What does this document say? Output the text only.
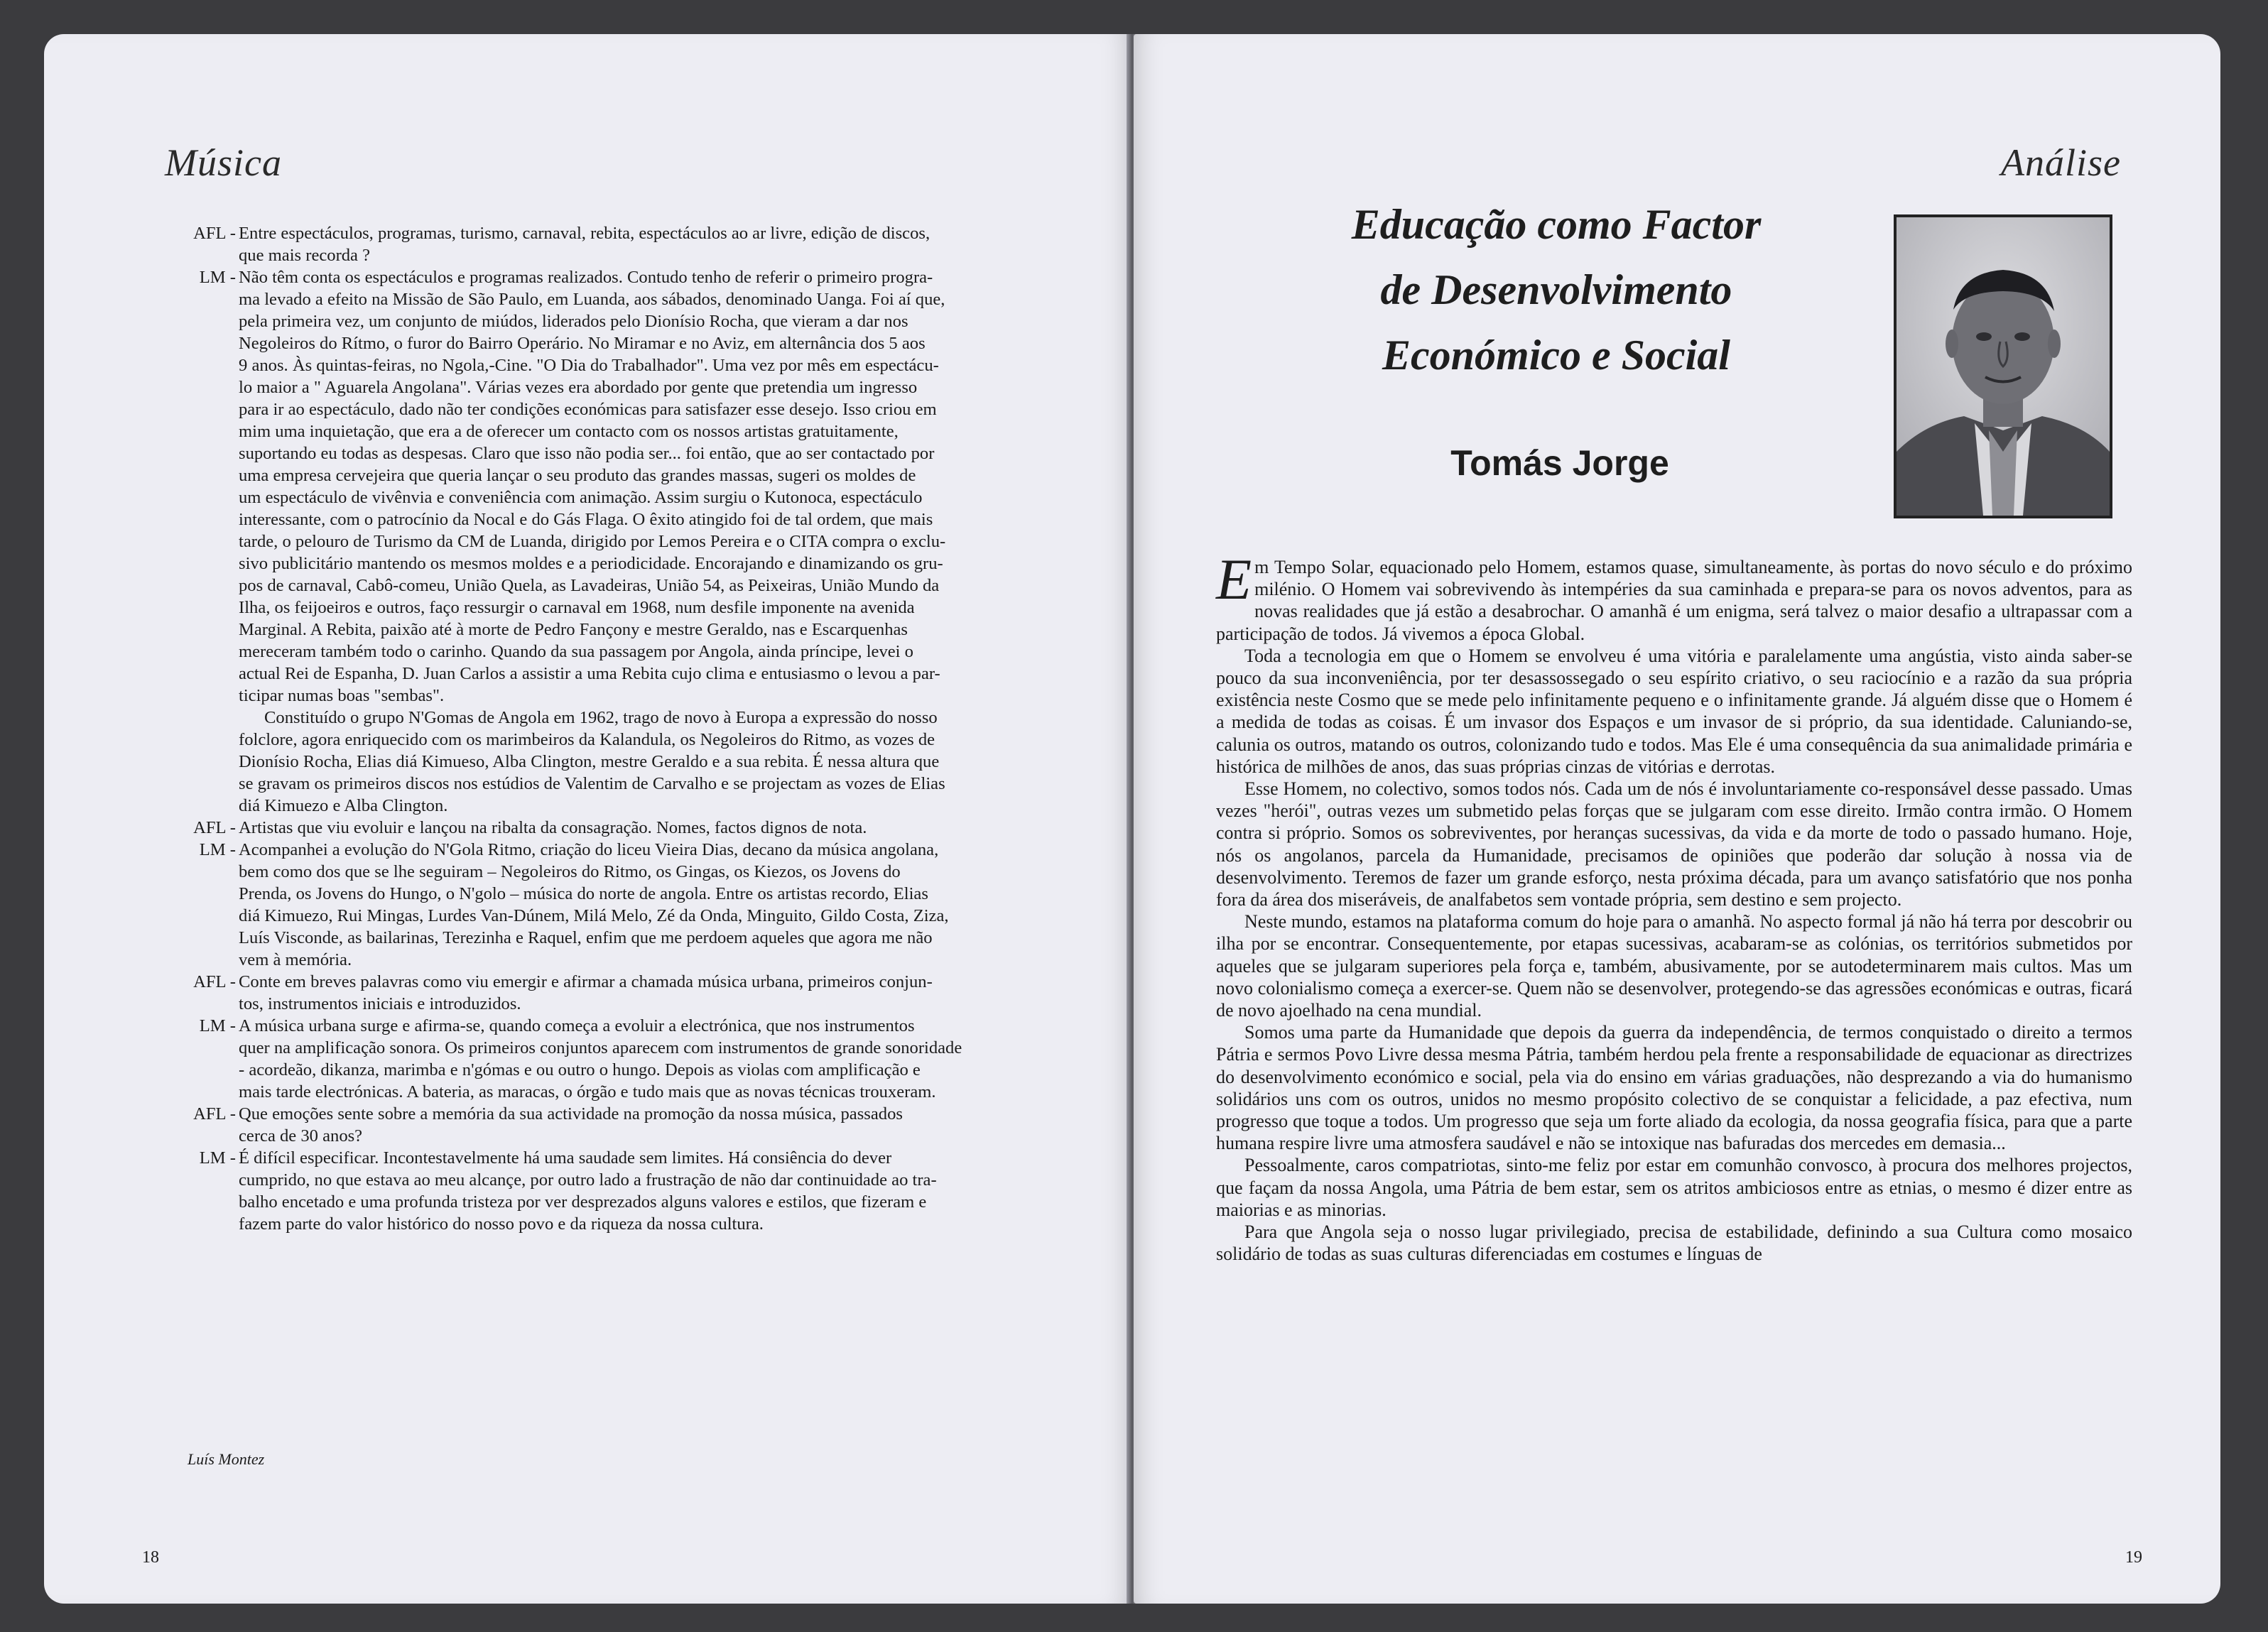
Música
AFL - Entre espectáculos, programas, turismo, carnaval, rebita, espectáculos ao ar livre, edição de discos,
que mais recorda ?
LM - Não têm conta os espectáculos e programas realizados. Contudo tenho de referir o primeiro progra-
ma levado a efeito na Missão de São Paulo, em Luanda, aos sábados, denominado Uanga. Foi aí que,
pela primeira vez, um conjunto de miúdos, liderados pelo Dionísio Rocha, que vieram a dar nos
Negoleiros do Rítmo, o furor do Bairro Operário. No Miramar e no Aviz, em alternância dos 5 aos
9 anos. Às quintas-feiras, no Ngola,-Cine. "O Dia do Trabalhador". Uma vez por mês em espectácu-
lo maior a " Aguarela Angolana". Várias vezes era abordado por gente que pretendia um ingresso
para ir ao espectáculo, dado não ter condições económicas para satisfazer esse desejo. Isso criou em
mim uma inquietação, que era a de oferecer um contacto com os nossos artistas gratuitamente,
suportando eu todas as despesas. Claro que isso não podia ser... foi então, que ao ser contactado por
uma empresa cervejeira que queria lançar o seu produto das grandes massas, sugeri os moldes de
um espectáculo de vivênvia e conveniência com animação. Assim surgiu o Kutonoca, espectáculo
interessante, com o patrocínio da Nocal e do Gás Flaga. O êxito atingido foi de tal ordem, que mais
tarde, o pelouro de Turismo da CM de Luanda, dirigido por Lemos Pereira e o CITA compra o exclu-
sivo publicitário mantendo os mesmos moldes e a periodicidade. Encorajando e dinamizando os gru-
pos de carnaval, Cabô-comeu, União Quela, as Lavadeiras, União 54, as Peixeiras, União Mundo da
Ilha, os feijoeiros e outros, faço ressurgir o carnaval em 1968, num desfile imponente na avenida
Marginal. A Rebita, paixão até à morte de Pedro Fançony e mestre Geraldo, nas e Escarquenhas
mereceram também todo o carinho. Quando da sua passagem por Angola, ainda príncipe, levei o
actual Rei de Espanha, D. Juan Carlos a assistir a uma Rebita cujo clima e entusiasmo o levou a par-
ticipar numas boas "sembas".
Constituído o grupo N'Gomas de Angola em 1962, trago de novo à Europa a expressão do nosso
folclore, agora enriquecido com os marimbeiros da Kalandula, os Negoleiros do Ritmo, as vozes de
Dionísio Rocha, Elias diá Kimueso, Alba Clington, mestre Geraldo e a sua rebita. É nessa altura que
se gravam os primeiros discos nos estúdios de Valentim de Carvalho e se projectam as vozes de Elias
diá Kimuezo e Alba Clington.
AFL - Artistas que viu evoluir e lançou na ribalta da consagração. Nomes, factos dignos de nota.
LM - Acompanhei a evolução do N'Gola Ritmo, criação do liceu Vieira Dias, decano da música angolana,
bem como dos que se lhe seguiram – Negoleiros do Ritmo, os Gingas, os Kiezos, os Jovens do
Prenda, os Jovens do Hungo, o N'golo – música do norte de angola. Entre os artistas recordo, Elias
diá Kimuezo, Rui Mingas, Lurdes Van-Dúnem, Milá Melo, Zé da Onda, Minguito, Gildo Costa, Ziza,
Luís Visconde, as bailarinas, Terezinha e Raquel, enfim que me perdoem aqueles que agora me não
vem à memória.
AFL - Conte em breves palavras como viu emergir e afirmar a chamada música urbana, primeiros conjun-
tos, instrumentos iniciais e introduzidos.
LM - A música urbana surge e afirma-se, quando começa a evoluir a electrónica, que nos instrumentos
quer na amplificação sonora. Os primeiros conjuntos aparecem com instrumentos de grande sonoridade
- acordeão, dikanza, marimba e n'gómas e ou outro o hungo. Depois as violas com amplificação e
mais tarde electrónicas. A bateria, as maracas, o órgão e tudo mais que as novas técnicas trouxeram.
AFL - Que emoções sente sobre a memória da sua actividade na promoção da nossa música, passados
cerca de 30 anos?
LM - É difícil especificar. Incontestavelmente há uma saudade sem limites. Há consiência do dever
cumprido, no que estava ao meu alcançe, por outro lado a frustração de não dar continuidade ao tra-
balho encetado e uma profunda tristeza por ver desprezados alguns valores e estilos, que fizeram e
fazem parte do valor histórico do nosso povo e da riqueza da nossa cultura.
Luís Montez
18
Análise
Educação como Factor
de Desenvolvimento
Económico e Social
Tomás Jorge

Em Tempo Solar, equacionado pelo Homem, estamos quase, simultaneamente, às portas do novo século e do próximo milénio. O Homem vai sobrevivendo às intempéries da sua caminhada e prepara-se para os novos adventos, para as novas realidades que já estão a desabrochar. O amanhã é um enigma, será talvez o maior desafio a ultrapassar com a participação de todos. Já vivemos a época Global.

Toda a tecnologia em que o Homem se envolveu é uma vitória e paralelamente uma angústia, visto ainda saber-se pouco da sua inconveniência, por ter desassossegado o seu espírito criativo, o seu raciocínio e a razão da sua própria existência neste Cosmo que se mede pelo infinitamente pequeno e o infinitamente grande. Já alguém disse que o Homem é a medida de todas as coisas. É um invasor dos Espaços e um invasor de si próprio, da sua identidade. Caluniando-se, calunia os outros, matando os outros, colonizando tudo e todos. Mas Ele é uma consequência da sua animalidade primária e histórica de milhões de anos, das suas próprias cinzas de vitórias e derrotas.

Esse Homem, no colectivo, somos todos nós. Cada um de nós é involuntariamente co-responsável desse passado. Umas vezes "herói", outras vezes um submetido pelas forças que se julgaram com esse direito. Irmão contra irmão. O Homem contra si próprio. Somos os sobreviventes, por heranças sucessivas, da vida e da morte de todo o passado humano. Hoje, nós os angolanos, parcela da Humanidade, precisamos de opiniões que poderão dar solução à nossa via de desenvolvimento. Teremos de fazer um grande esforço, nesta próxima década, para um avanço satisfatório que nos ponha fora da área dos miseráveis, de analfabetos sem vontade própria, sem destino e sem projecto.

Neste mundo, estamos na plataforma comum do hoje para o amanhã. No aspecto formal já não há terra por descobrir ou ilha por se encontrar. Consequentemente, por etapas sucessivas, acabaram-se as colónias, os territórios submetidos por aqueles que se julgaram superiores pela força e, também, abusivamente, por se autodeterminarem mais cultos. Mas um novo colonialismo começa a exercer-se. Quem não se desenvolver, protegendo-se das agressões económicas e outras, ficará de novo ajoelhado na cena mundial.

Somos uma parte da Humanidade que depois da guerra da independência, de termos conquistado o direito a termos Pátria e sermos Povo Livre dessa mesma Pátria, também herdou pela frente a responsabilidade de equacionar as directrizes do desenvolvimento económico e social, pela via do ensino em várias graduações, não desprezando a via do humanismo solidários uns com os outros, unidos no mesmo propósito colectivo de se conquistar a felicidade, a paz efectiva, num progresso que toque a todos. Um progresso que seja um forte aliado da ecologia, da nossa geografia física, para que a parte humana respire livre uma atmosfera saudável e não se intoxique nas bafuradas dos mercedes em demasia...

Pessoalmente, caros compatriotas, sinto-me feliz por estar em comunhão convosco, à procura dos melhores projectos, que façam da nossa Angola, uma Pátria de bem estar, sem os atritos ambiciosos entre as etnias, o mesmo é dizer entre as maiorias e as minorias.

Para que Angola seja o nosso lugar privilegiado, precisa de estabilidade, definindo a sua Cultura como mosaico solidário de todas as suas culturas diferenciadas em costumes e línguas de

19
